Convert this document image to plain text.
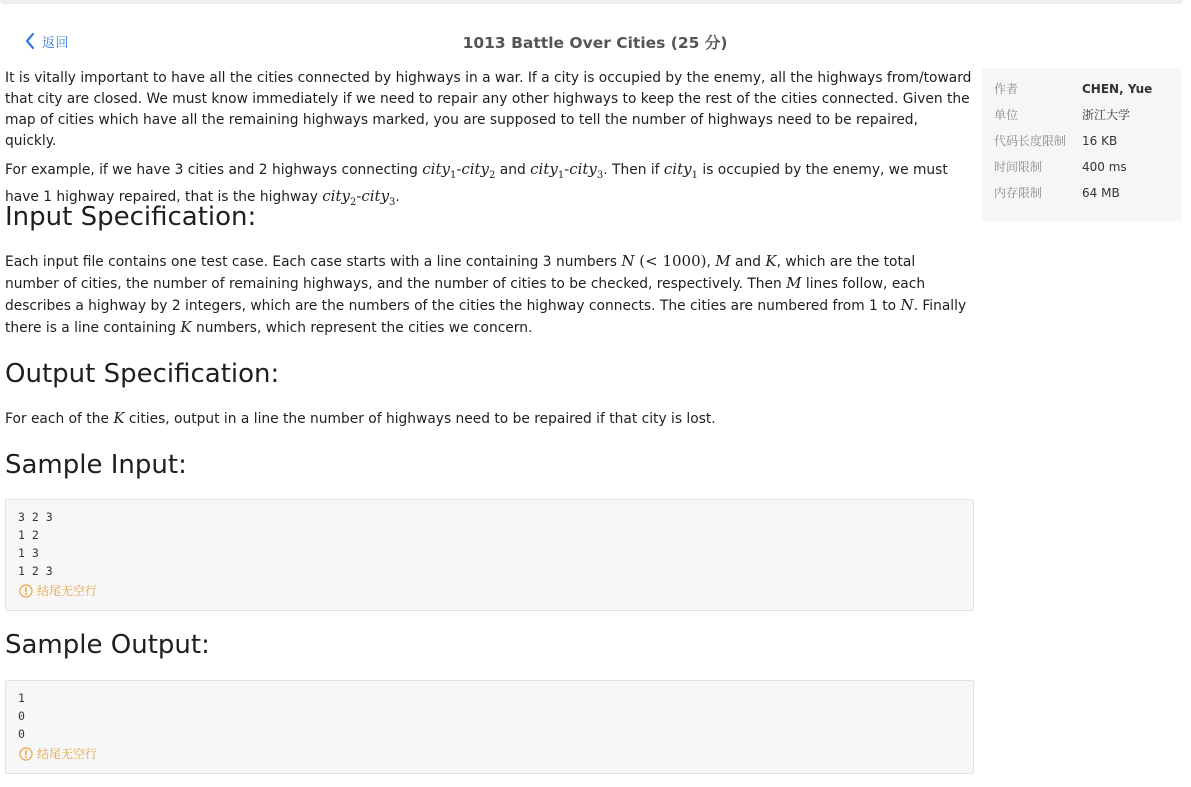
返回	1013 Battle Over Cities (25 分)

It is vitally important to have all the cities connected by highways in a war. If a city is occupied by the enemy, all the highways from/toward that city are closed. We must know immediately if we need to repair any other highways to keep the rest of the cities connected. Given the map of cities which have all the remaining highways marked, you are supposed to tell the number of highways need to be repaired, quickly.

For example, if we have 3 cities and 2 highways connecting city$_1$-city$_2$ and city$_1$-city$_3$. Then if city$_1$ is occupied by the enemy, we must have 1 highway repaired, that is the highway city$_2$-city$_3$.

Input Specification:

Each input file contains one test case. Each case starts with a line containing 3 numbers N (< 1000), M and K, which are the total number of cities, the number of remaining highways, and the number of cities to be checked, respectively. Then M lines follow, each describes a highway by 2 integers, which are the numbers of the cities the highway connects. The cities are numbered from 1 to N. Finally there is a line containing K numbers, which represent the cities we concern.

Output Specification:

For each of the K cities, output in a line the number of highways need to be repaired if that city is lost.

Sample Input:
3 2 3
1 2
1 3
1 2 3
结尾无空行
Sample Output:
1
0
0
结尾无空行
作者	CHEN, Yue
单位	浙江大学
代码长度限制 16 KB
时间限制	400 ms
内存限制	64 MB
